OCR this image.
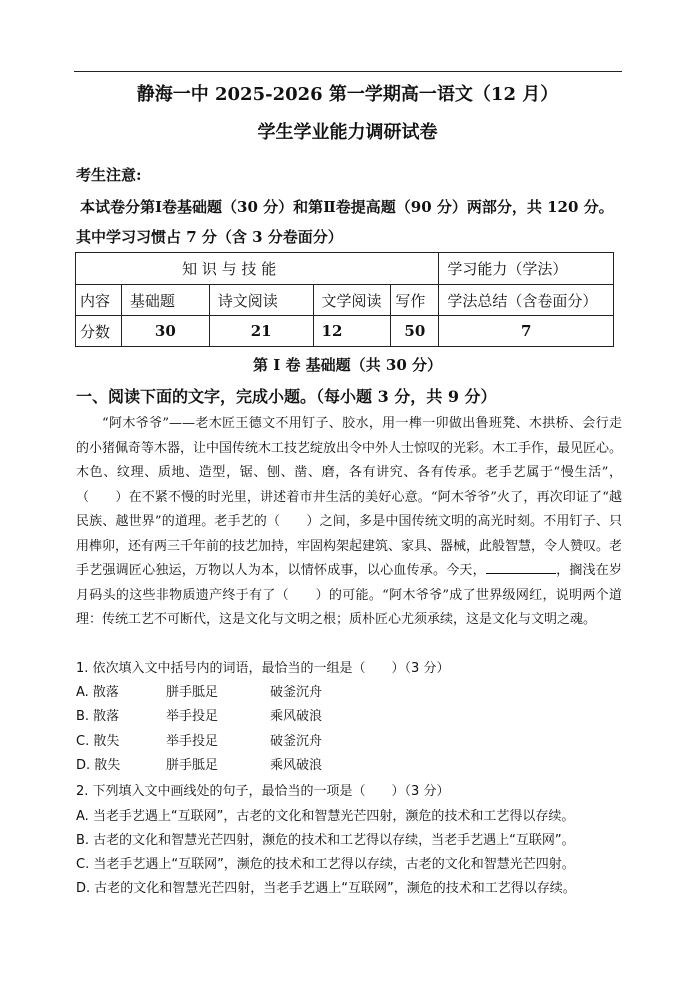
静海一中 2025-2026 第一学期高一语文（12 月）
学生学业能力调研试卷
考生注意:
本试卷分第Ⅰ卷基础题（30 分）和第Ⅱ卷提高题（90 分）两部分，共 120 分。
其中学习习惯占 7 分（含 3 分卷面分）
知 识 与 技 能					学习能力（学法）
内容	基础题	诗文阅读	文学阅读	写作	学法总结（含卷面分）
分数	30	21	12	50	7
第 Ⅰ 卷 基础题（共 30 分）
一、阅读下面的文字，完成小题。（每小题 3 分，共 9 分）

“阿木爷爷”——老木匠王德文不用钉子、胶水，用一榫一卯做出鲁班凳、木拱桥、会行走的小猪佩奇等木器，让中国传统木工技艺绽放出令中外人士惊叹的光彩。木工手作，最见匠心。木色、纹理、质地、造型，锯、刨、凿、磨，各有讲究、各有传承。老手艺属于“慢生活”，（　　）在不紧不慢的时光里，讲述着市井生活的美好心意。“阿木爷爷”火了，再次印证了“越民族、越世界”的道理。老手艺的（　　）之间，多是中国传统文明的高光时刻。不用钉子、只用榫卯，还有两三千年前的技艺加持，牢固构架起建筑、家具、器械，此般智慧，令人赞叹。老手艺强调匠心独运，万物以人为本，以情怀成事，以心血传承。今天，	，搁浅在岁月码头的这些非物质遗产终于有了（　　）的可能。“阿木爷爷”成了世界级网红，说明两个道理：传统工艺不可断代，这是文化与文明之根；质朴匠心尤须承续，这是文化与文明之魂。

1. 依次填入文中括号内的词语，最恰当的一组是（　　）（3 分）
A. 散落	胼手胝足	破釜沉舟
B. 散落	举手投足	乘风破浪
C. 散失	举手投足	破釜沉舟
D. 散失	胼手胝足	乘风破浪
2. 下列填入文中画线处的句子，最恰当的一项是（　　）（3 分）
A. 当老手艺遇上“互联网”，古老的文化和智慧光芒四射，濒危的技术和工艺得以存续。
B. 古老的文化和智慧光芒四射，濒危的技术和工艺得以存续，当老手艺遇上“互联网”。
C. 当老手艺遇上“互联网”，濒危的技术和工艺得以存续，古老的文化和智慧光芒四射。
D. 古老的文化和智慧光芒四射，当老手艺遇上“互联网”，濒危的技术和工艺得以存续。
